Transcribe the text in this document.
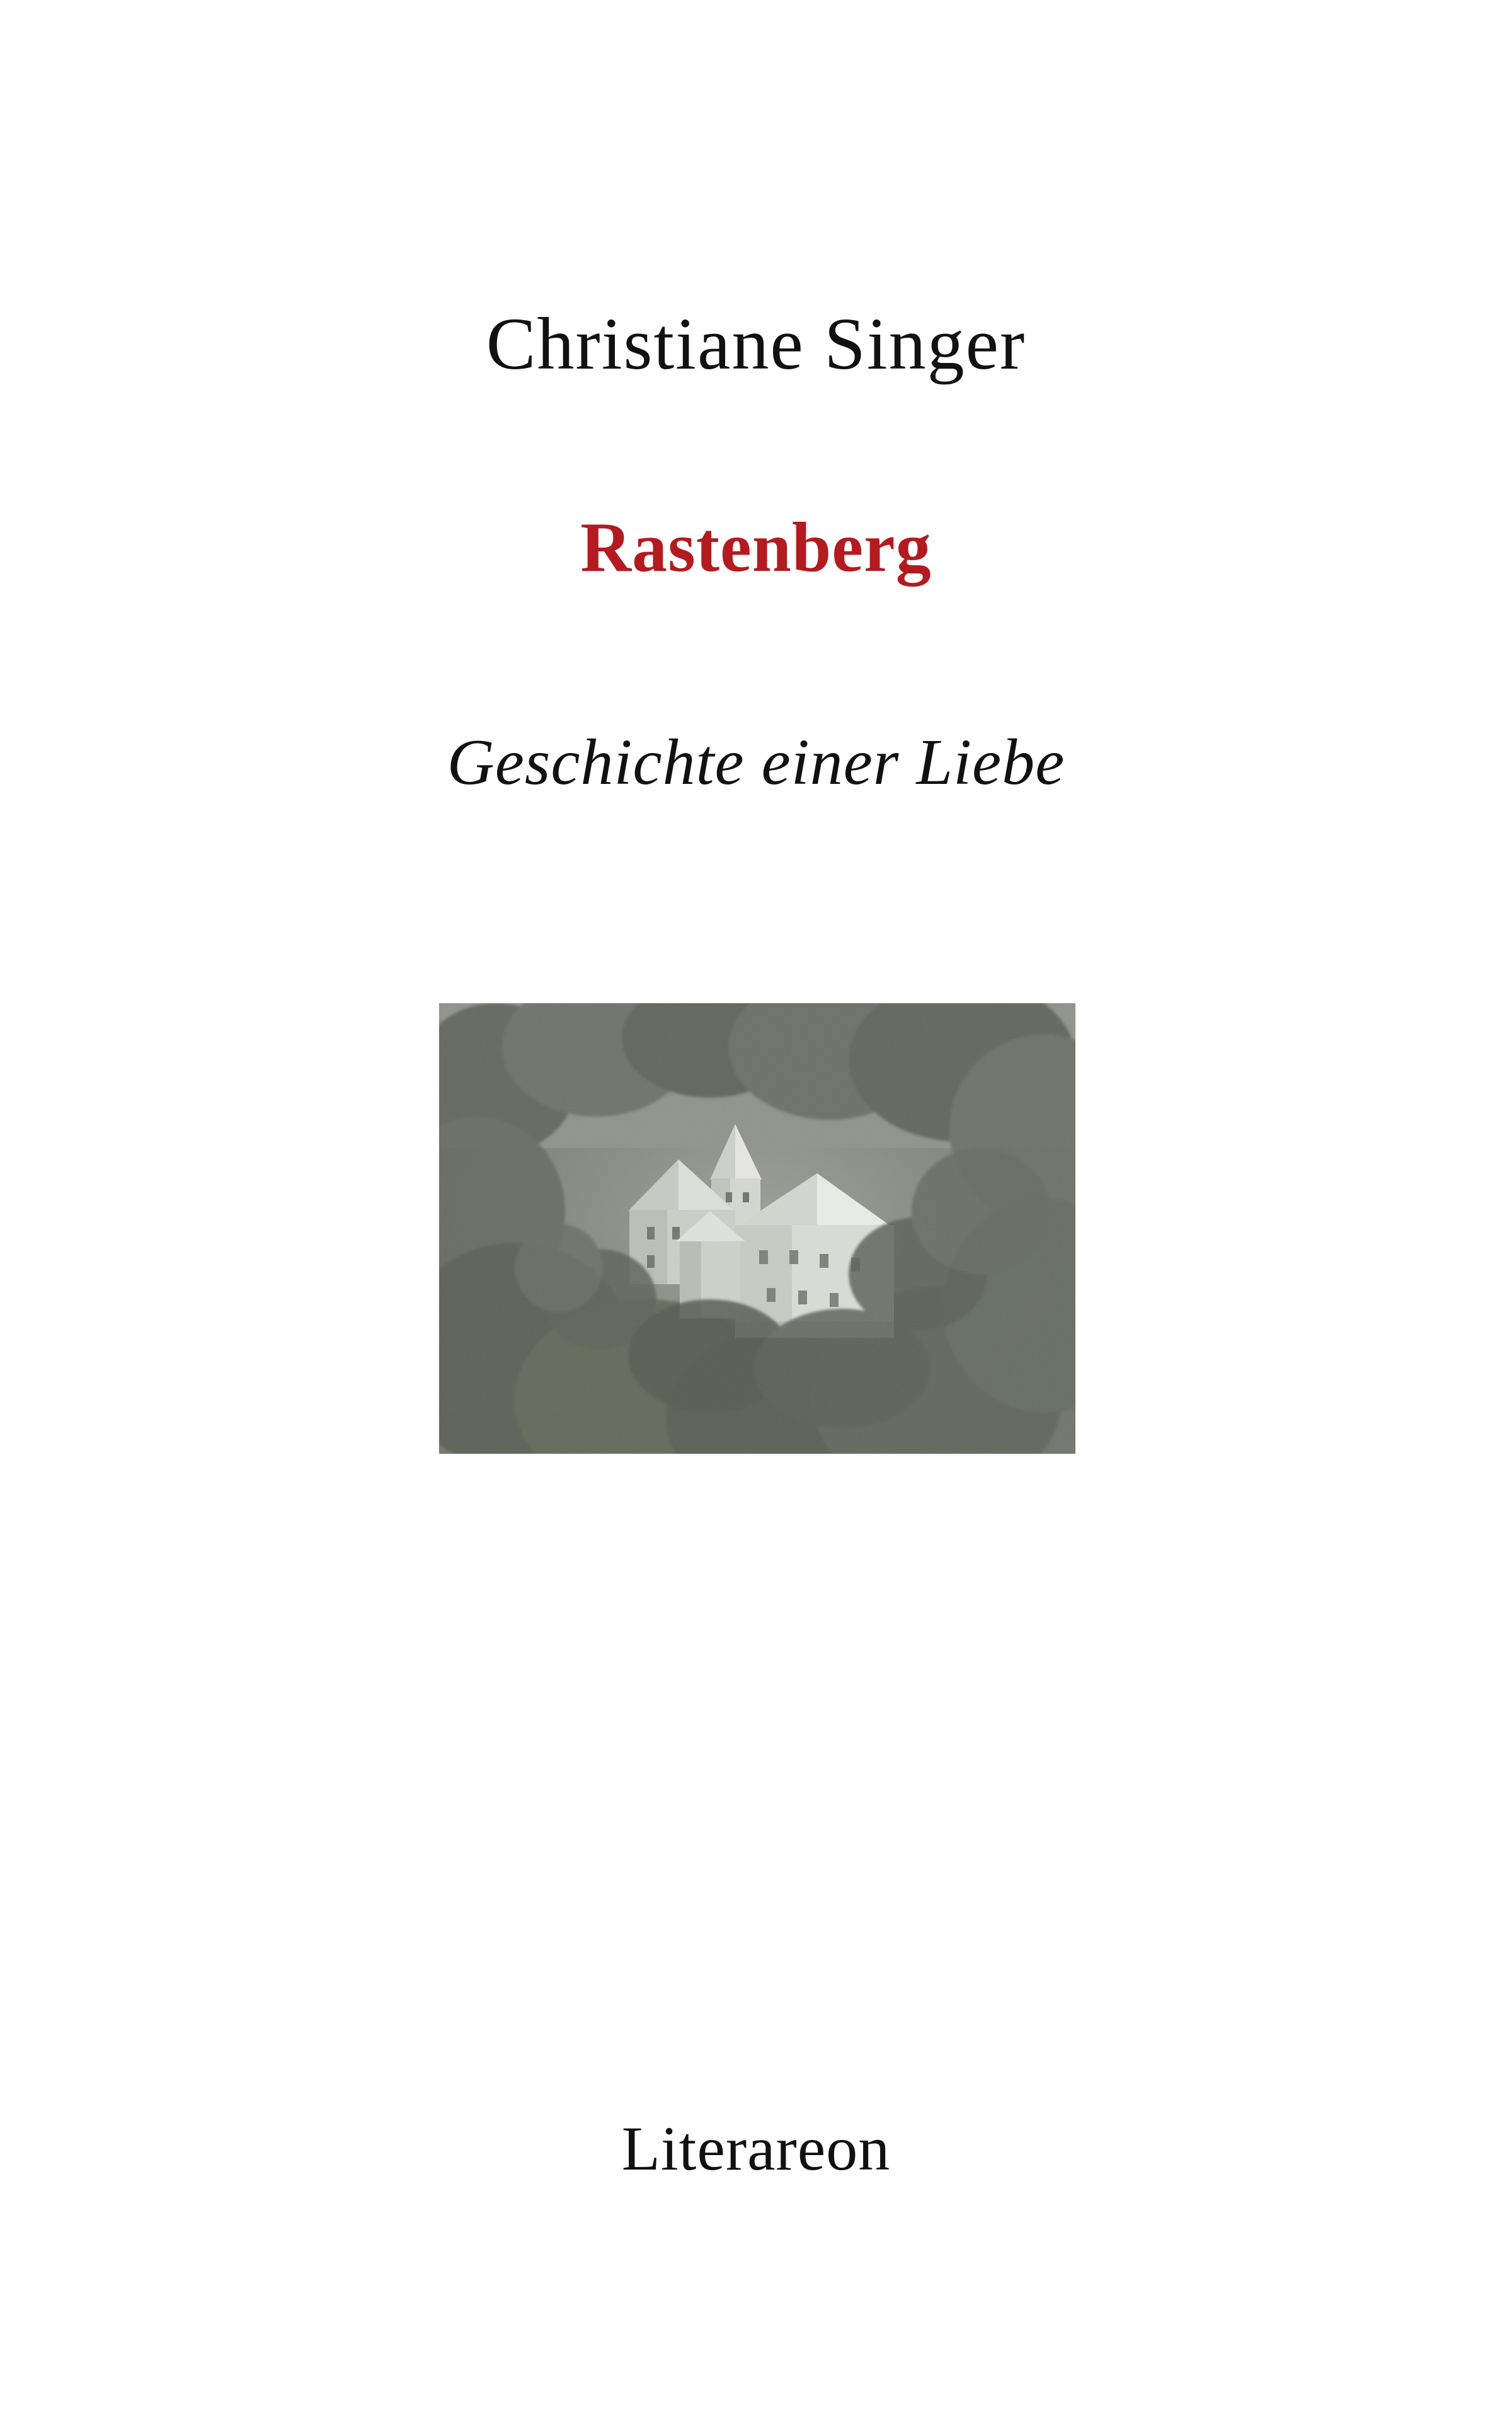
Christiane Singer
Rastenberg
Geschichte einer Liebe
Literareon
